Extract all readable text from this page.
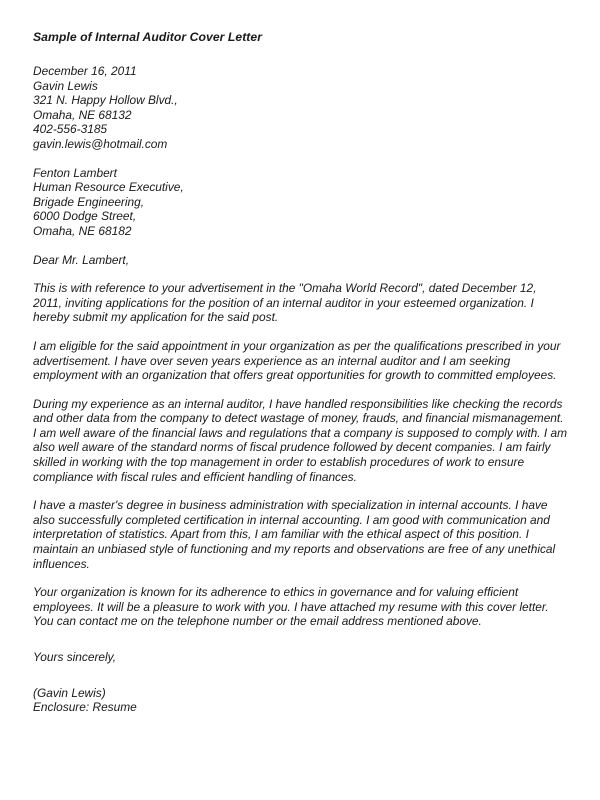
Sample of Internal Auditor Cover Letter
December 16, 2011
Gavin Lewis
321 N. Happy Hollow Blvd.,
Omaha, NE 68132
402-556-3185
gavin.lewis@hotmail.com
Fenton Lambert
Human Resource Executive,
Brigade Engineering,
6000 Dodge Street,
Omaha, NE 68182

Dear Mr. Lambert,

This is with reference to your advertisement in the "Omaha World Record", dated December 12, 2011, inviting applications for the position of an internal auditor in your esteemed organization. I hereby submit my application for the said post.

I am eligible for the said appointment in your organization as per the qualifications prescribed in your advertisement. I have over seven years experience as an internal auditor and I am seeking employment with an organization that offers great opportunities for growth to committed employees.

During my experience as an internal auditor, I have handled responsibilities like checking the records and other data from the company to detect wastage of money, frauds, and financial mismanagement. I am well aware of the financial laws and regulations that a company is supposed to comply with. I am also well aware of the standard norms of fiscal prudence followed by decent companies. I am fairly skilled in working with the top management in order to establish procedures of work to ensure compliance with fiscal rules and efficient handling of finances.

I have a master's degree in business administration with specialization in internal accounts. I have also successfully completed certification in internal accounting. I am good with communication and interpretation of statistics. Apart from this, I am familiar with the ethical aspect of this position. I maintain an unbiased style of functioning and my reports and observations are free of any unethical influences.

Your organization is known for its adherence to ethics in governance and for valuing efficient employees. It will be a pleasure to work with you. I have attached my resume with this cover letter. You can contact me on the telephone number or the email address mentioned above.

Yours sincerely,

(Gavin Lewis)
Enclosure: Resume
